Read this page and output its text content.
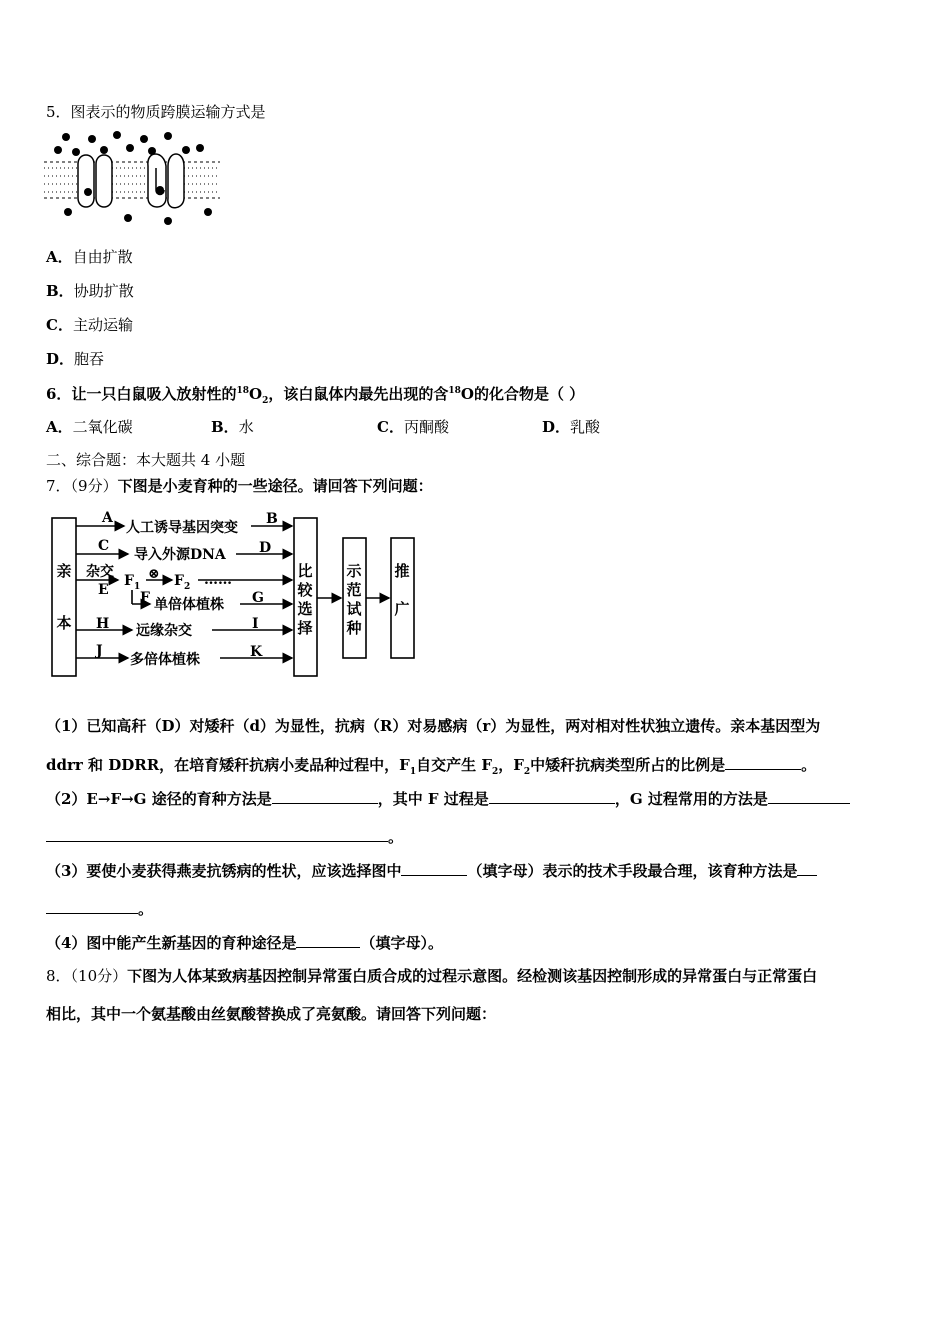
5．图表示的物质跨膜运输方式是
A．自由扩散
B．协助扩散
C．主动运输
D．胞吞
6．让一只白鼠吸入放射性的$^{18}O_2$，该白鼠体内最先出现的含$^{18}$O的化合物是（ ）
A．二氧化碳	B．水	C．丙酮酸	D．乳酸
二、综合题：本大题共 4 小题
7．（9分）下图是小麦育种的一些途径。请回答下列问题：
亲
本
比
较
选
择
示
范
试
种
推
广
A
人工诱导基因突变
B
C
导入外源DNA D
杂交
E
F 1
⊗ F 2 ……
F 单倍体植株 G
H 远缘杂交	I
J
多倍体植株	K
（1）已知高秆（D）对矮秆（d）为显性，抗病（R）对易感病（r）为显性，两对相对性状独立遗传。亲本基因型为
ddrr 和 DDRR，在培育矮秆抗病小麦品种过程中，$F_1$自交产生 $F_2$，$F_2$中矮秆抗病类型所占的比例是	。
（2）E→F→G 途径的育种方法是	，其中 F 过程是	，G 过程常用的方法是
。
（3）要使小麦获得燕麦抗锈病的性状，应该选择图中	（填字母）表示的技术手段最合理，该育种方法是
。
（4）图中能产生新基因的育种途径是	（填字母）。
8．（10分）下图为人体某致病基因控制异常蛋白质合成的过程示意图。经检测该基因控制形成的异常蛋白与正常蛋白
相比，其中一个氨基酸由丝氨酸替换成了亮氨酸。请回答下列问题：
